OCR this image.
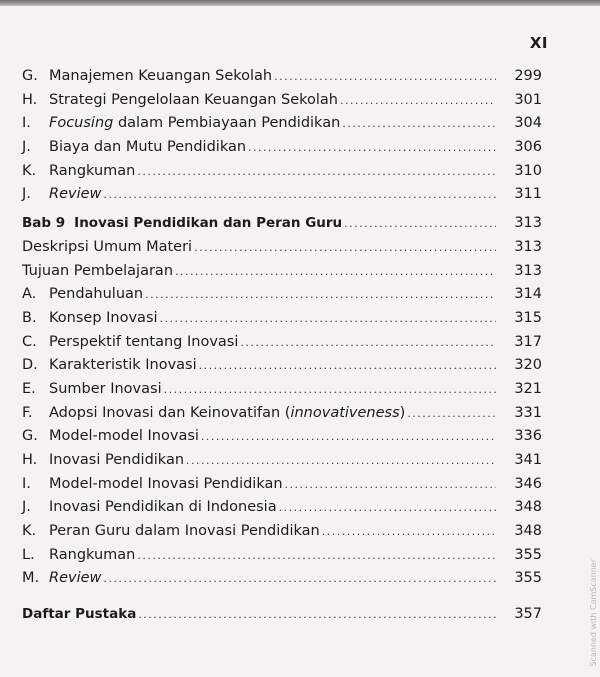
XI
G. Manajemen Keuangan Sekolah .....	299
H. Strategi Pengelolaan Keuangan Sekolah .....	301
I.	Focusing dalam Pembiayaan Pendidikan .....	304
J.	Biaya dan Mutu Pendidikan .....	306
K. Rangkuman .....	310
J.	Review .....	311
Bab 9 Inovasi Pendidikan dan Peran Guru .....	313
Deskripsi Umum Materi .....	313
Tujuan Pembelajaran .....	313
A. Pendahuluan .....	314
B. Konsep Inovasi .....	315
C. Perspektif tentang Inovasi .....	317
D. Karakteristik Inovasi .....	320
E. Sumber Inovasi .....	321
F.	Adopsi Inovasi dan Keinovatifan (innovativeness) .....	331
G. Model-model Inovasi .....	336
H. Inovasi Pendidikan .....	341
I.	Model-model Inovasi Pendidikan .....	346
J.	Inovasi Pendidikan di Indonesia .....	348
K. Peran Guru dalam Inovasi Pendidikan .....	348
L. Rangkuman .....	355
M. Review .....	355
Daftar Pustaka .....	357	Scanned with CamScanner
